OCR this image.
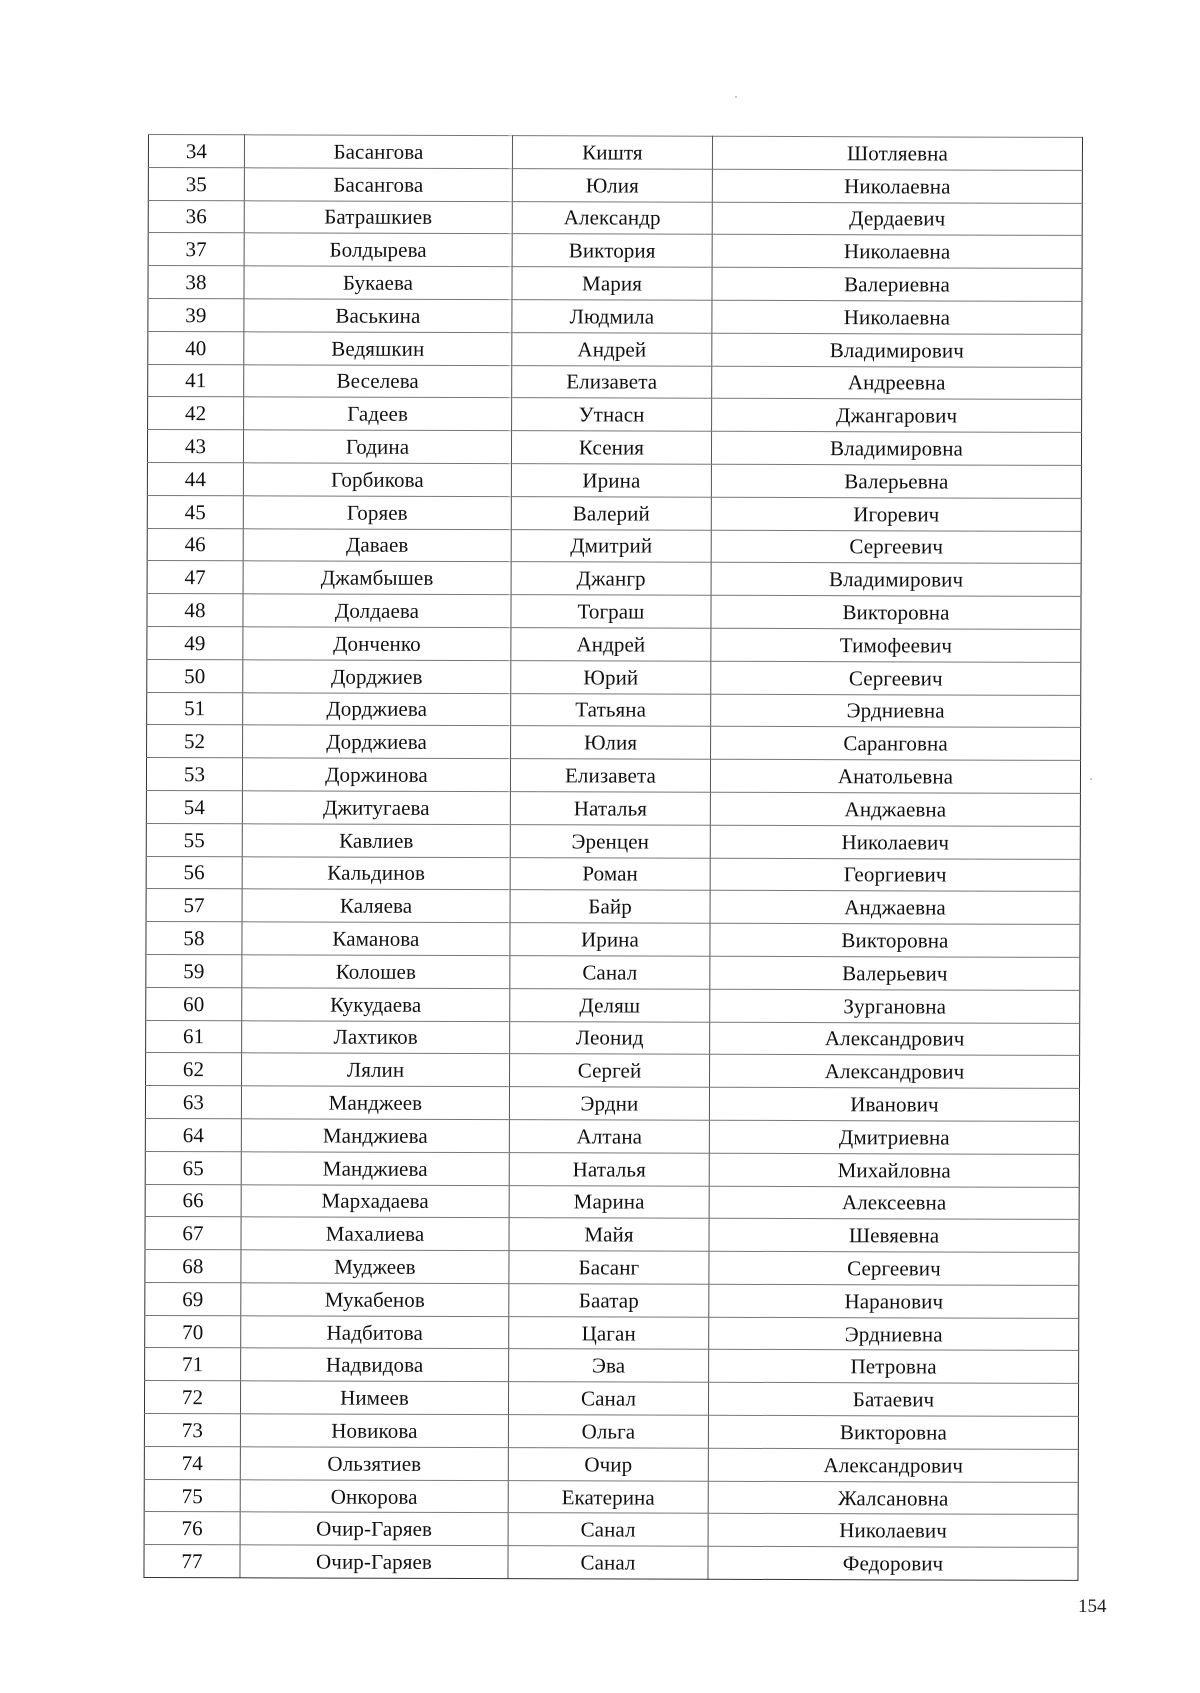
34	Басангова	Киштя	Шотляевна
35	Басангова	Юлия	Николаевна
36	Батрашкиев	Александр	Дердаевич
37	Болдырева	Виктория	Николаевна
38	Букаева	Мария	Валериевна
39	Васькина	Людмила	Николаевна
40	Ведяшкин	Андрей	Владимирович
41	Веселева	Елизавета	Андреевна
42	Гадеев	Утнасн	Джангарович
43	Година	Ксения	Владимировна
44	Горбикова	Ирина	Валерьевна
45	Горяев	Валерий	Игоревич
46	Даваев	Дмитрий	Сергеевич
47	Джамбышев	Джангр	Владимирович
48	Долдаева	Тограш	Викторовна
49	Донченко	Андрей	Тимофеевич
50	Дорджиев	Юрий	Сергеевич
51	Дорджиева	Татьяна	Эрдниевна
52	Дорджиева	Юлия	Саранговна
53	Доржинова	Елизавета	Анатольевна
54	Джитугаева	Наталья	Анджаевна
55	Кавлиев	Эренцен	Николаевич
56	Кальдинов	Роман	Георгиевич
57	Каляева	Байр	Анджаевна
58	Каманова	Ирина	Викторовна
59	Колошев	Санал	Валерьевич
60	Кукудаева	Деляш	Зургановна
61	Лахтиков	Леонид	Александрович
62	Лялин	Сергей	Александрович
63	Манджеев	Эрдни	Иванович
64	Манджиева	Алтана	Дмитриевна
65	Манджиева	Наталья	Михайловна
66	Мархадаева	Марина	Алексеевна
67	Махалиева	Майя	Шевяевна
68	Муджеев	Басанг	Сергеевич
69	Мукабенов	Баатар	Наранович
70	Надбитова	Цаган	Эрдниевна
71	Надвидова	Эва	Петровна
72	Нимеев	Санал	Батаевич
73	Новикова	Ольга	Викторовна
74	Ользятиев	Очир	Александрович
75	Онкорова	Екатерина	Жалсановна
76	Очир-Гаряев	Санал	Николаевич
77	Очир-Гаряев	Санал	Федорович
154
